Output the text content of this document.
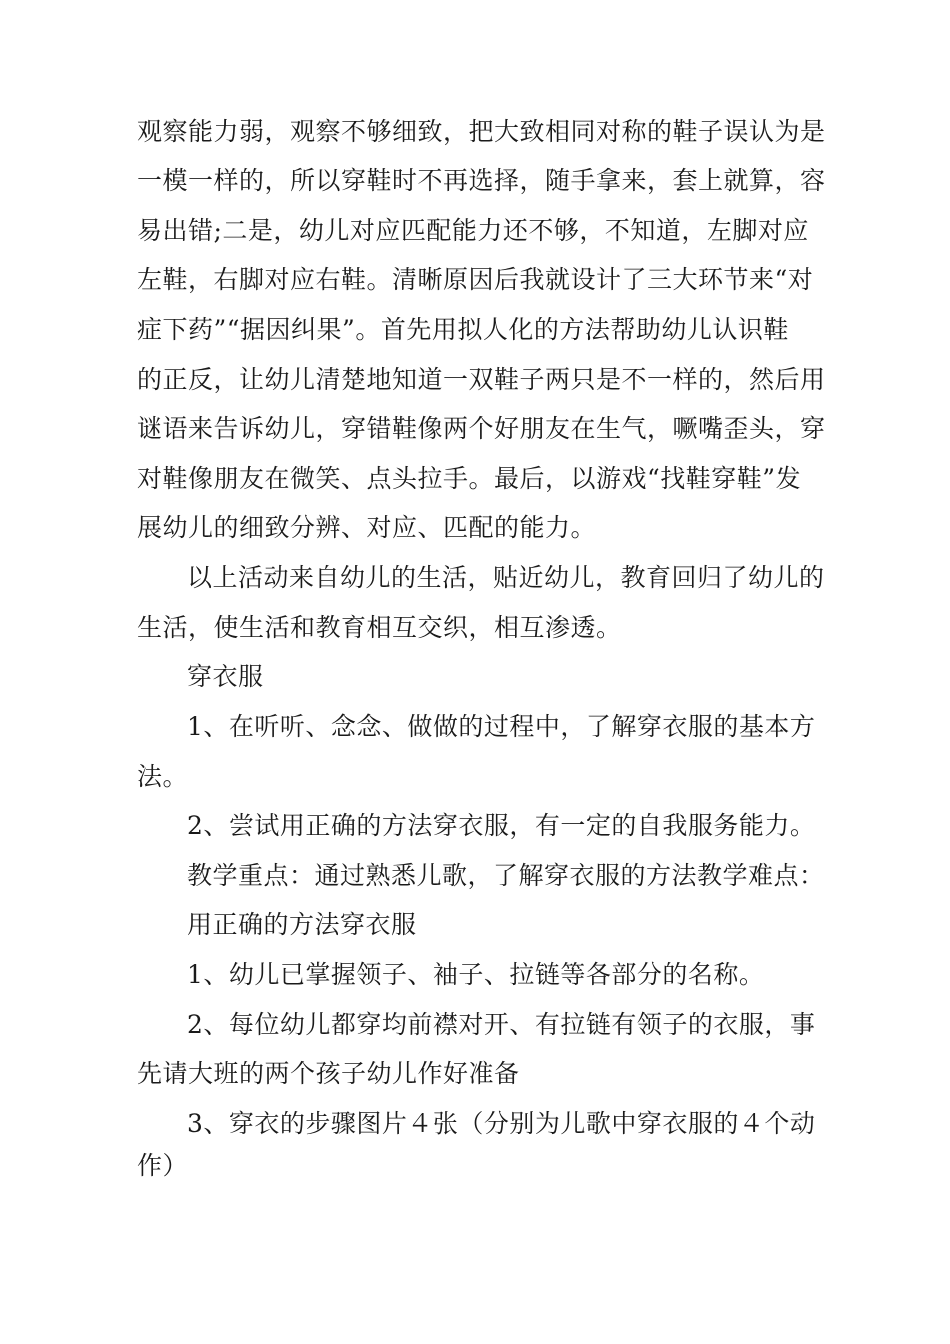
观察能力弱，观察不够细致，把大致相同对称的鞋子误认为是
一模一样的，所以穿鞋时不再选择，随手拿来，套上就算，容
易出错;二是，幼儿对应匹配能力还不够，不知道，左脚对应
左鞋，右脚对应右鞋。清晰原因后我就设计了三大环节来“对
症下药”“据因纠果”。首先用拟人化的方法帮助幼儿认识鞋
的正反，让幼儿清楚地知道一双鞋子两只是不一样的，然后用
谜语来告诉幼儿，穿错鞋像两个好朋友在生气，噘嘴歪头，穿
对鞋像朋友在微笑、点头拉手。最后，以游戏“找鞋穿鞋”发
展幼儿的细致分辨、对应、匹配的能力。
以上活动来自幼儿的生活，贴近幼儿，教育回归了幼儿的
生活，使生活和教育相互交织，相互渗透。
穿衣服
1、在听听、念念、做做的过程中，了解穿衣服的基本方
法。
2、尝试用正确的方法穿衣服，有一定的自我服务能力。
教学重点：通过熟悉儿歌，了解穿衣服的方法教学难点：
用正确的方法穿衣服
1、幼儿已掌握领子、袖子、拉链等各部分的名称。
2、每位幼儿都穿均前襟对开、有拉链有领子的衣服，事
先请大班的两个孩子幼儿作好准备
3、穿衣的步骤图片４张（分别为儿歌中穿衣服的４个动
作）
